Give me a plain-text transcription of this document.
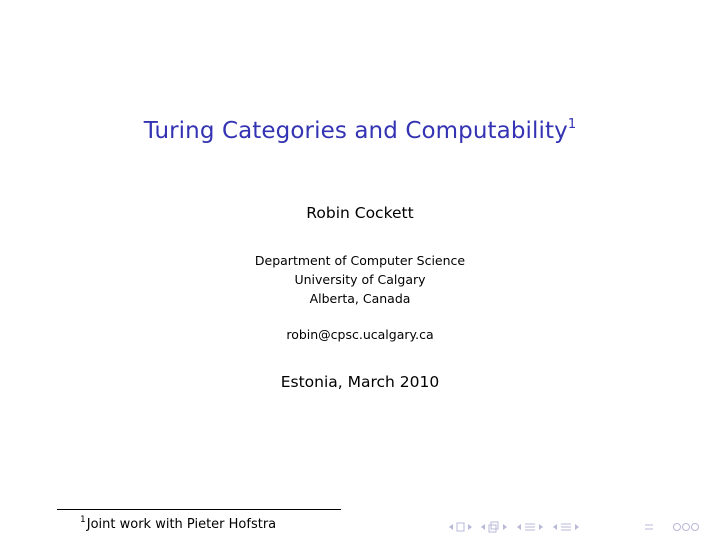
Turing Categories and Computability$^1$
Robin Cockett
Department of Computer Science
University of Calgary
Alberta, Canada
robin@cpsc.ucalgary.ca
Estonia, March 2010
$^1$Joint work with Pieter Hofstra
